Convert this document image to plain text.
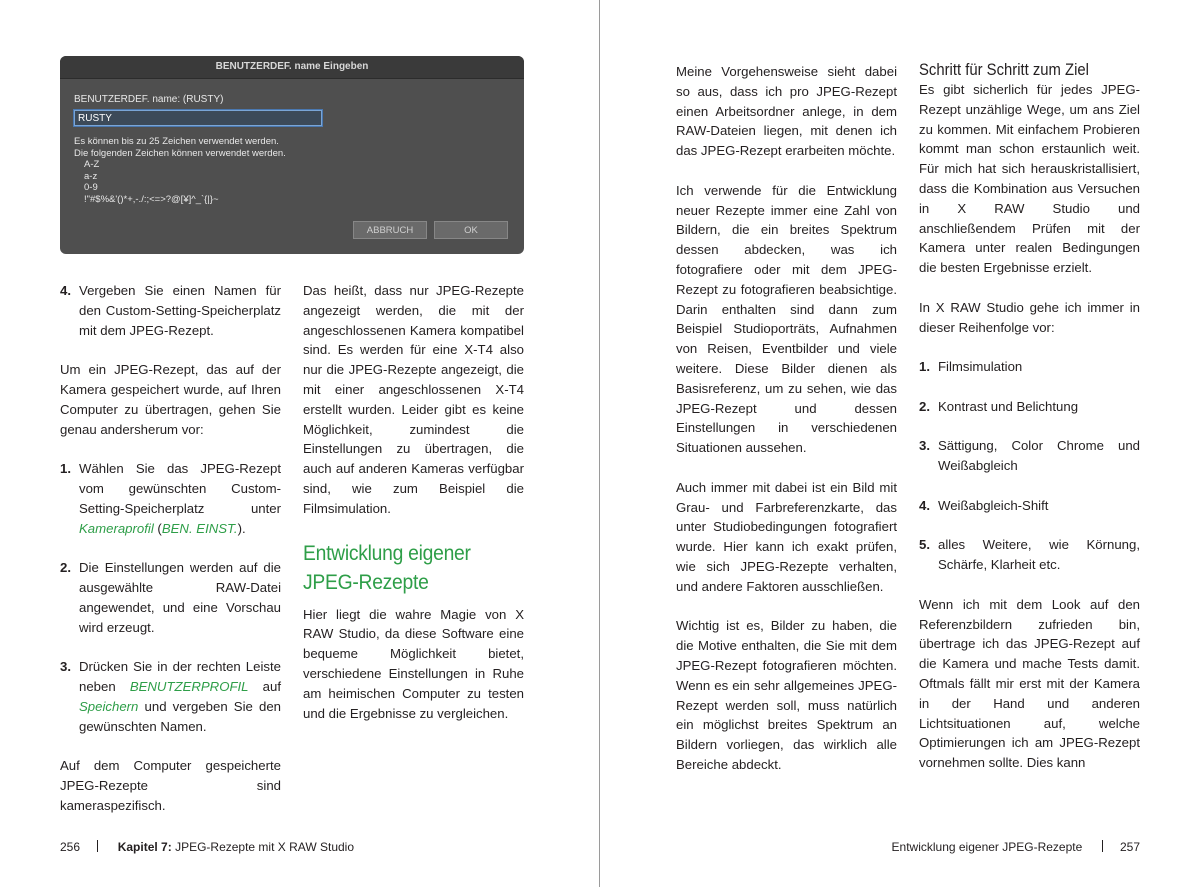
BENUTZERDEF. name Eingeben
BENUTZERDEF. name: (RUSTY)
RUSTY
Es können bis zu 25 Zeichen verwendet werden.
Die folgenden Zeichen können verwendet werden.
A-Z
a-z
0-9
!"#$%&'()*+,-./:;<=>?@[¥]^_`{|}~
ABBRUCH	OK
4. Vergeben Sie einen Namen für den Custom-Setting-Speicherplatz mit dem JPEG-Rezept.

Um ein JPEG-Rezept, das auf der Kamera gespeichert wurde, auf Ihren Computer zu übertragen, gehen Sie genau andersherum vor:

1. Wählen Sie das JPEG-Rezept vom gewünschten Custom-Setting-Speicherplatz unter Kameraprofil (BEN. EINST.).
2. Die Einstellungen werden auf die ausgewählte RAW-Datei angewendet, und eine Vorschau wird erzeugt.
3. Drücken Sie in der rechten Leiste neben BENUTZERPROFIL auf Speichern und vergeben Sie den gewünschten Namen.

Auf dem Computer gespeicherte JPEG-Rezepte sind kameraspezifisch.

Das heißt, dass nur JPEG-Rezepte angezeigt werden, die mit der angeschlossenen Kamera kompatibel sind. Es werden für eine X-T4 also nur die JPEG-Rezepte angezeigt, die mit einer angeschlossenen X-T4 erstellt wurden. Leider gibt es keine Möglichkeit, zumindest die Einstellungen zu übertragen, die auch auf anderen Kameras verfügbar sind, wie zum Beispiel die Filmsimulation.

Entwicklung eigener JPEG-Rezepte

Hier liegt die wahre Magie von X RAW Studio, da diese Software eine bequeme Möglichkeit bietet, verschiedene Einstellungen in Ruhe am heimischen Computer zu testen und die Ergebnisse zu vergleichen.

Meine Vorgehensweise sieht dabei so aus, dass ich pro JPEG-Rezept einen Arbeitsordner anlege, in dem RAW-Dateien liegen, mit denen ich das JPEG-Rezept erarbeiten möchte.

Ich verwende für die Entwicklung neuer Rezepte immer eine Zahl von Bildern, die ein breites Spektrum dessen abdecken, was ich fotografiere oder mit dem JPEG-Rezept zu fotografieren beabsichtige. Darin enthalten sind dann zum Beispiel Studioporträts, Aufnahmen von Reisen, Eventbilder und viele weitere. Diese Bilder dienen als Basisreferenz, um zu sehen, wie das JPEG-Rezept und dessen Einstellungen in verschiedenen Situationen aussehen.

Auch immer mit dabei ist ein Bild mit Grau- und Farbreferenzkarte, das unter Studiobedingungen fotografiert wurde. Hier kann ich exakt prüfen, wie sich JPEG-Rezepte verhalten, und andere Faktoren ausschließen.

Wichtig ist es, Bilder zu haben, die die Motive enthalten, die Sie mit dem JPEG-Rezept fotografieren möchten. Wenn es ein sehr allgemeines JPEG-Rezept werden soll, muss natürlich ein möglichst breites Spektrum an Bildern vorliegen, das wirklich alle Bereiche abdeckt.

Schritt für Schritt zum Ziel

Es gibt sicherlich für jedes JPEG-Rezept unzählige Wege, um ans Ziel zu kommen. Mit einfachem Probieren kommt man schon erstaunlich weit. Für mich hat sich herauskristallisiert, dass die Kombination aus Versuchen in X RAW Studio und anschließendem Prüfen mit der Kamera unter realen Bedingungen die besten Ergebnisse erzielt.

In X RAW Studio gehe ich immer in dieser Reihenfolge vor:

1. Filmsimulation
2. Kontrast und Belichtung
3. Sättigung, Color Chrome und Weißabgleich
4. Weißabgleich-Shift
5. alles Weitere, wie Körnung, Schärfe, Klarheit etc.

Wenn ich mit dem Look auf den Referenzbildern zufrieden bin, übertrage ich das JPEG-Rezept auf die Kamera und mache Tests damit. Oftmals fällt mir erst mit der Kamera in der Hand und anderen Lichtsituationen auf, welche Optimierungen ich am JPEG-Rezept vornehmen sollte. Dies kann

256	Kapitel 7: JPEG-Rezepte mit X RAW Studio	Entwicklung eigener JPEG-Rezepte	257
